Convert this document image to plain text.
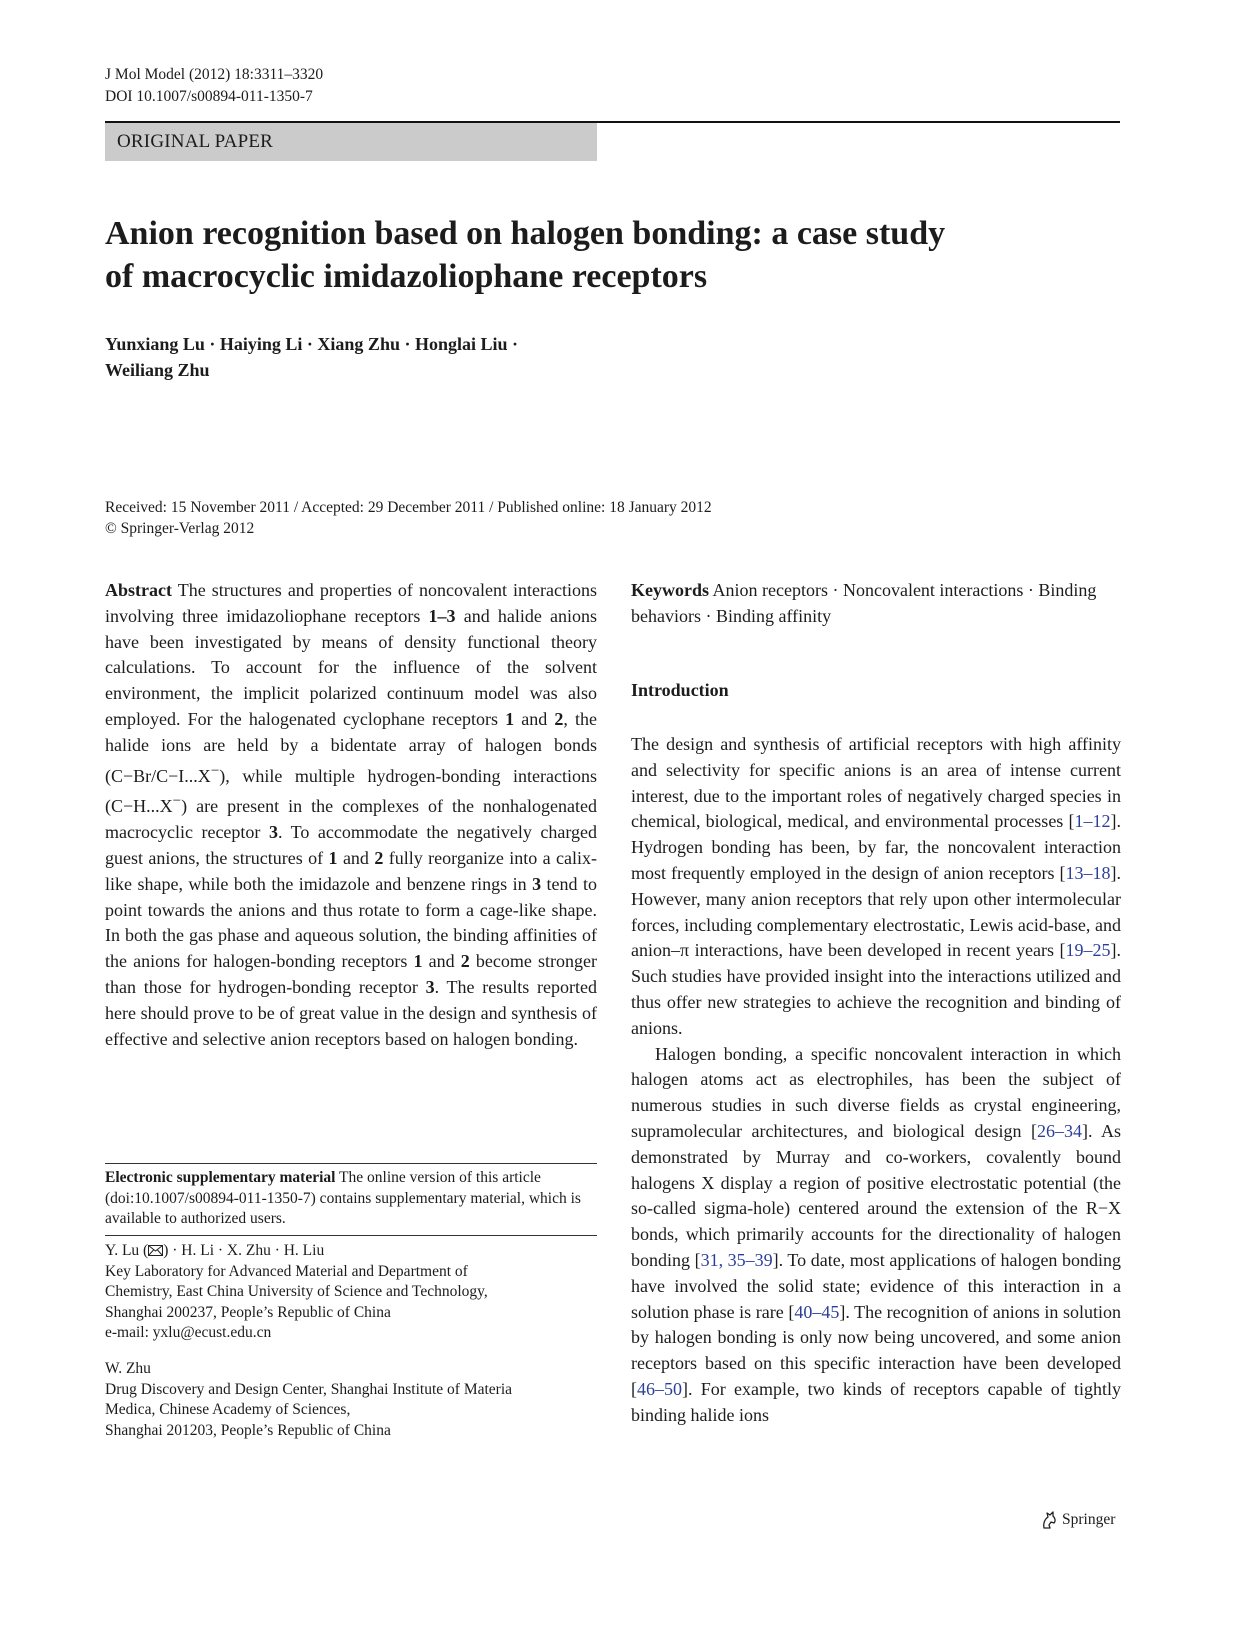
J Mol Model (2012) 18:3311–3320
DOI 10.1007/s00894-011-1350-7
ORIGINAL PAPER
Anion recognition based on halogen bonding: a case study
of macrocyclic imidazoliophane receptors
Yunxiang Lu · Haiying Li · Xiang Zhu · Honglai Liu ·
Weiliang Zhu
Received: 15 November 2011 / Accepted: 29 December 2011 / Published online: 18 January 2012
© Springer-Verlag 2012

Abstract The structures and properties of noncovalent interactions involving three imidazoliophane receptors 1–3 and halide anions have been investigated by means of density functional theory calculations. To account for the influence of the solvent environment, the implicit polarized continuum model was also employed. For the halogenated cyclophane receptors 1 and 2, the halide ions are held by a bidentate array of halogen bonds (C−Br/C−I...X−), while multiple hydrogen-bonding interactions (C−H...X−) are present in the complexes of the nonhalogenated macrocyclic receptor 3. To accommodate the negatively charged guest anions, the structures of 1 and 2 fully reorganize into a calix-like shape, while both the imidazole and benzene rings in 3 tend to point towards the anions and thus rotate to form a cage-like shape. In both the gas phase and aqueous solution, the binding affinities of the anions for halogen-bonding receptors 1 and 2 become stronger than those for hydrogen-bonding receptor 3. The results reported here should prove to be of great value in the design and synthesis of effective and selective anion receptors based on halogen bonding.

Electronic supplementary material The online version of this article (doi:10.1007/s00894-011-1350-7) contains supplementary material, which is available to authorized users.
Y. Lu ( ) · H. Li · X. Zhu · H. Liu
Key Laboratory for Advanced Material and Department of
Chemistry, East China University of Science and Technology,
Shanghai 200237, People’s Republic of China
e-mail: yxlu@ecust.edu.cn
W. Zhu
Drug Discovery and Design Center, Shanghai Institute of Materia
Medica, Chinese Academy of Sciences,
Shanghai 201203, People’s Republic of China

Keywords Anion receptors · Noncovalent interactions · Binding behaviors · Binding affinity

Introduction

The design and synthesis of artificial receptors with high affinity and selectivity for specific anions is an area of intense current interest, due to the important roles of negatively charged species in chemical, biological, medical, and environmental processes [1–12]. Hydrogen bonding has been, by far, the noncovalent interaction most frequently employed in the design of anion receptors [13–18]. However, many anion receptors that rely upon other intermolecular forces, including complementary electrostatic, Lewis acid-base, and anion–π interactions, have been developed in recent years [19–25]. Such studies have provided insight into the interactions utilized and thus offer new strategies to achieve the recognition and binding of anions.

Halogen bonding, a specific noncovalent interaction in which halogen atoms act as electrophiles, has been the subject of numerous studies in such diverse fields as crystal engineering, supramolecular architectures, and biological design [26–34]. As demonstrated by Murray and co-workers, covalently bound halogens X display a region of positive electrostatic potential (the so-called sigma-hole) centered around the extension of the R−X bonds, which primarily accounts for the directionality of halogen bonding [31, 35–39]. To date, most applications of halogen bonding have involved the solid state; evidence of this interaction in a solution phase is rare [40–45]. The recognition of anions in solution by halogen bonding is only now being uncovered, and some anion receptors based on this specific interaction have been developed [46–50]. For example, two kinds of receptors capable of tightly binding halide ions

Springer
